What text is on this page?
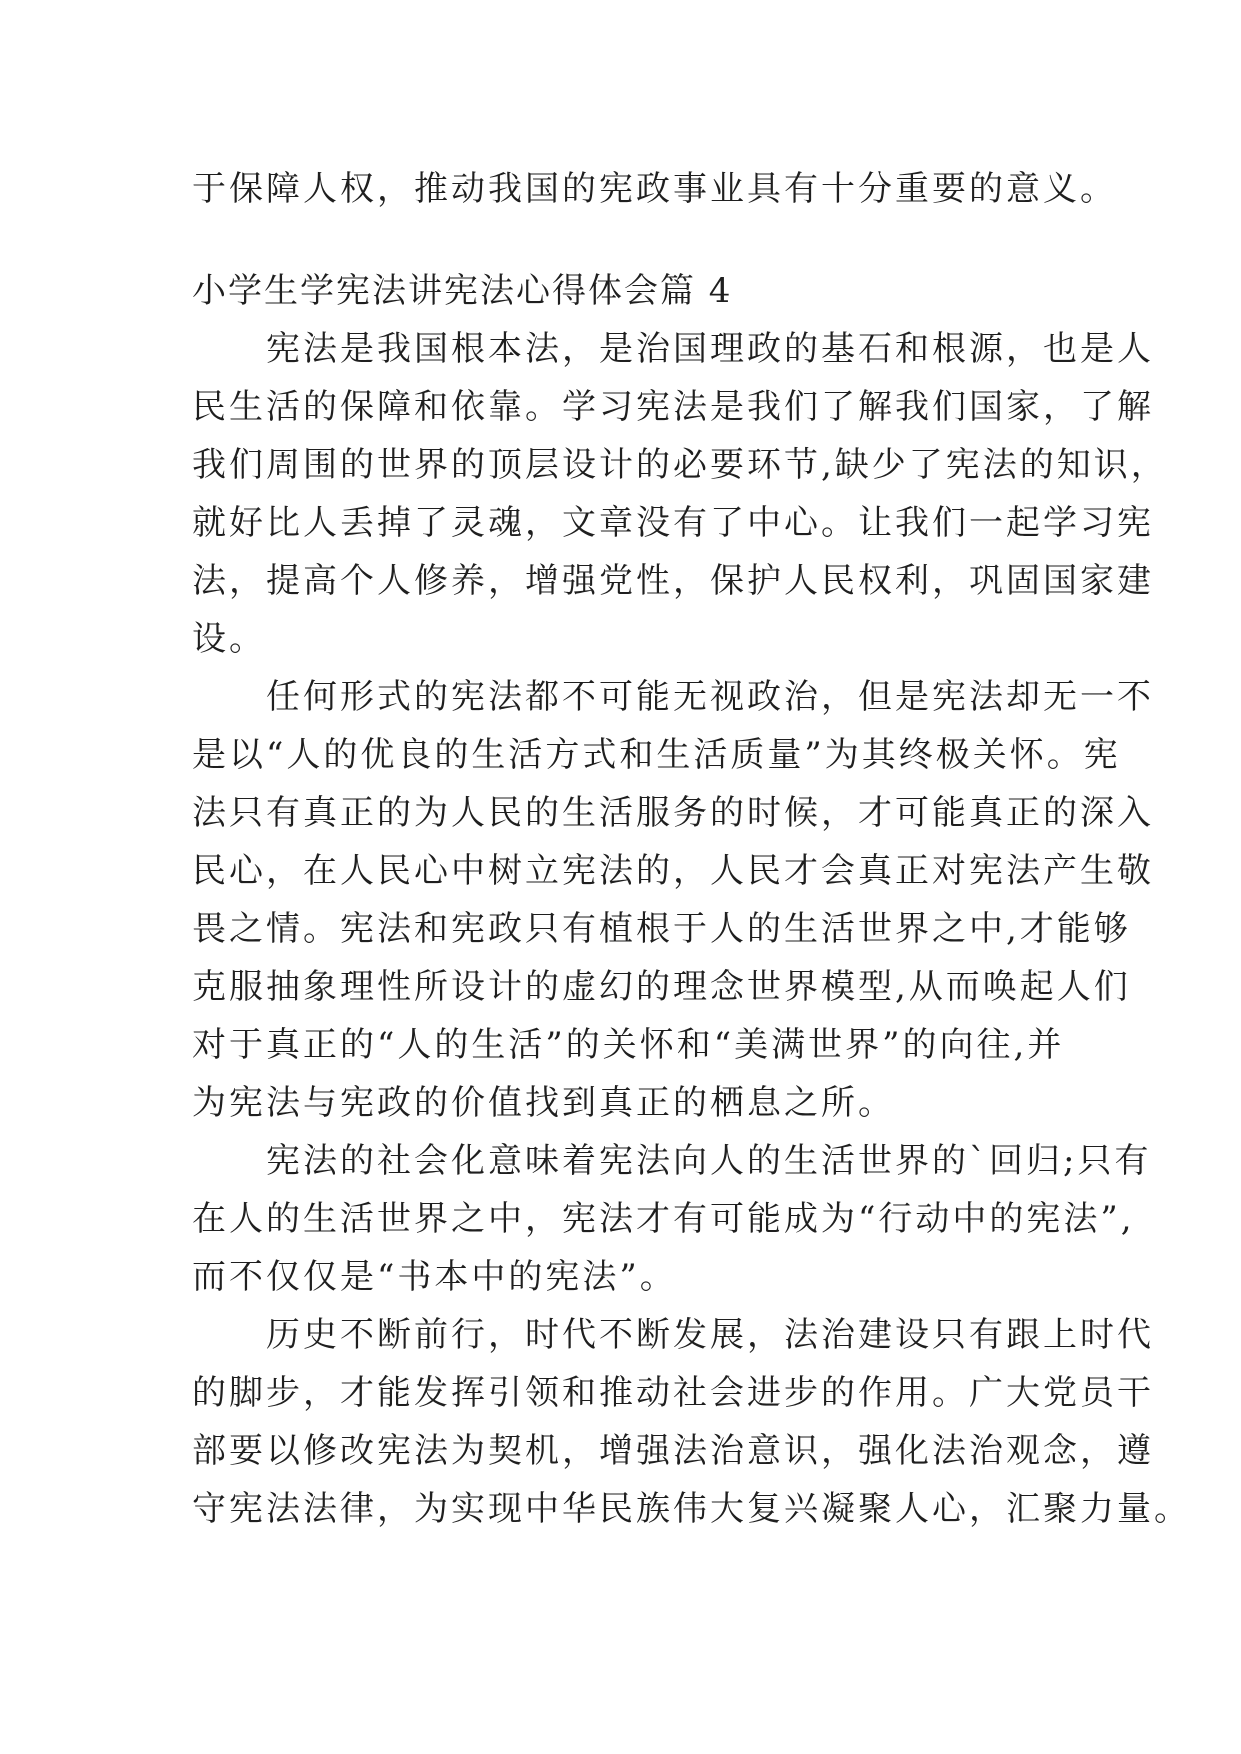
于保障人权，推动我国的宪政事业具有十分重要的意义。
小学生学宪法讲宪法心得体会篇 4
　　宪法是我国根本法，是治国理政的基石和根源，也是人
民生活的保障和依靠。学习宪法是我们了解我们国家，了解
我们周围的世界的顶层设计的必要环节,缺少了宪法的知识，
就好比人丢掉了灵魂，文章没有了中心。让我们一起学习宪
法，提高个人修养，增强党性，保护人民权利，巩固国家建
设。
　　任何形式的宪法都不可能无视政治，但是宪法却无一不
是以“人的优良的生活方式和生活质量”为其终极关怀。宪
法只有真正的为人民的生活服务的时候，才可能真正的深入
民心，在人民心中树立宪法的，人民才会真正对宪法产生敬
畏之情。宪法和宪政只有植根于人的生活世界之中,才能够
克服抽象理性所设计的虚幻的理念世界模型,从而唤起人们
对于真正的“人的生活”的关怀和“美满世界”的向往,并
为宪法与宪政的价值找到真正的栖息之所。
　　宪法的社会化意味着宪法向人的生活世界的`回归;只有
在人的生活世界之中，宪法才有可能成为“行动中的宪法”,
而不仅仅是“书本中的宪法”。
　　历史不断前行，时代不断发展，法治建设只有跟上时代
的脚步，才能发挥引领和推动社会进步的作用。广大党员干
部要以修改宪法为契机，增强法治意识，强化法治观念，遵
守宪法法律，为实现中华民族伟大复兴凝聚人心，汇聚力量。
